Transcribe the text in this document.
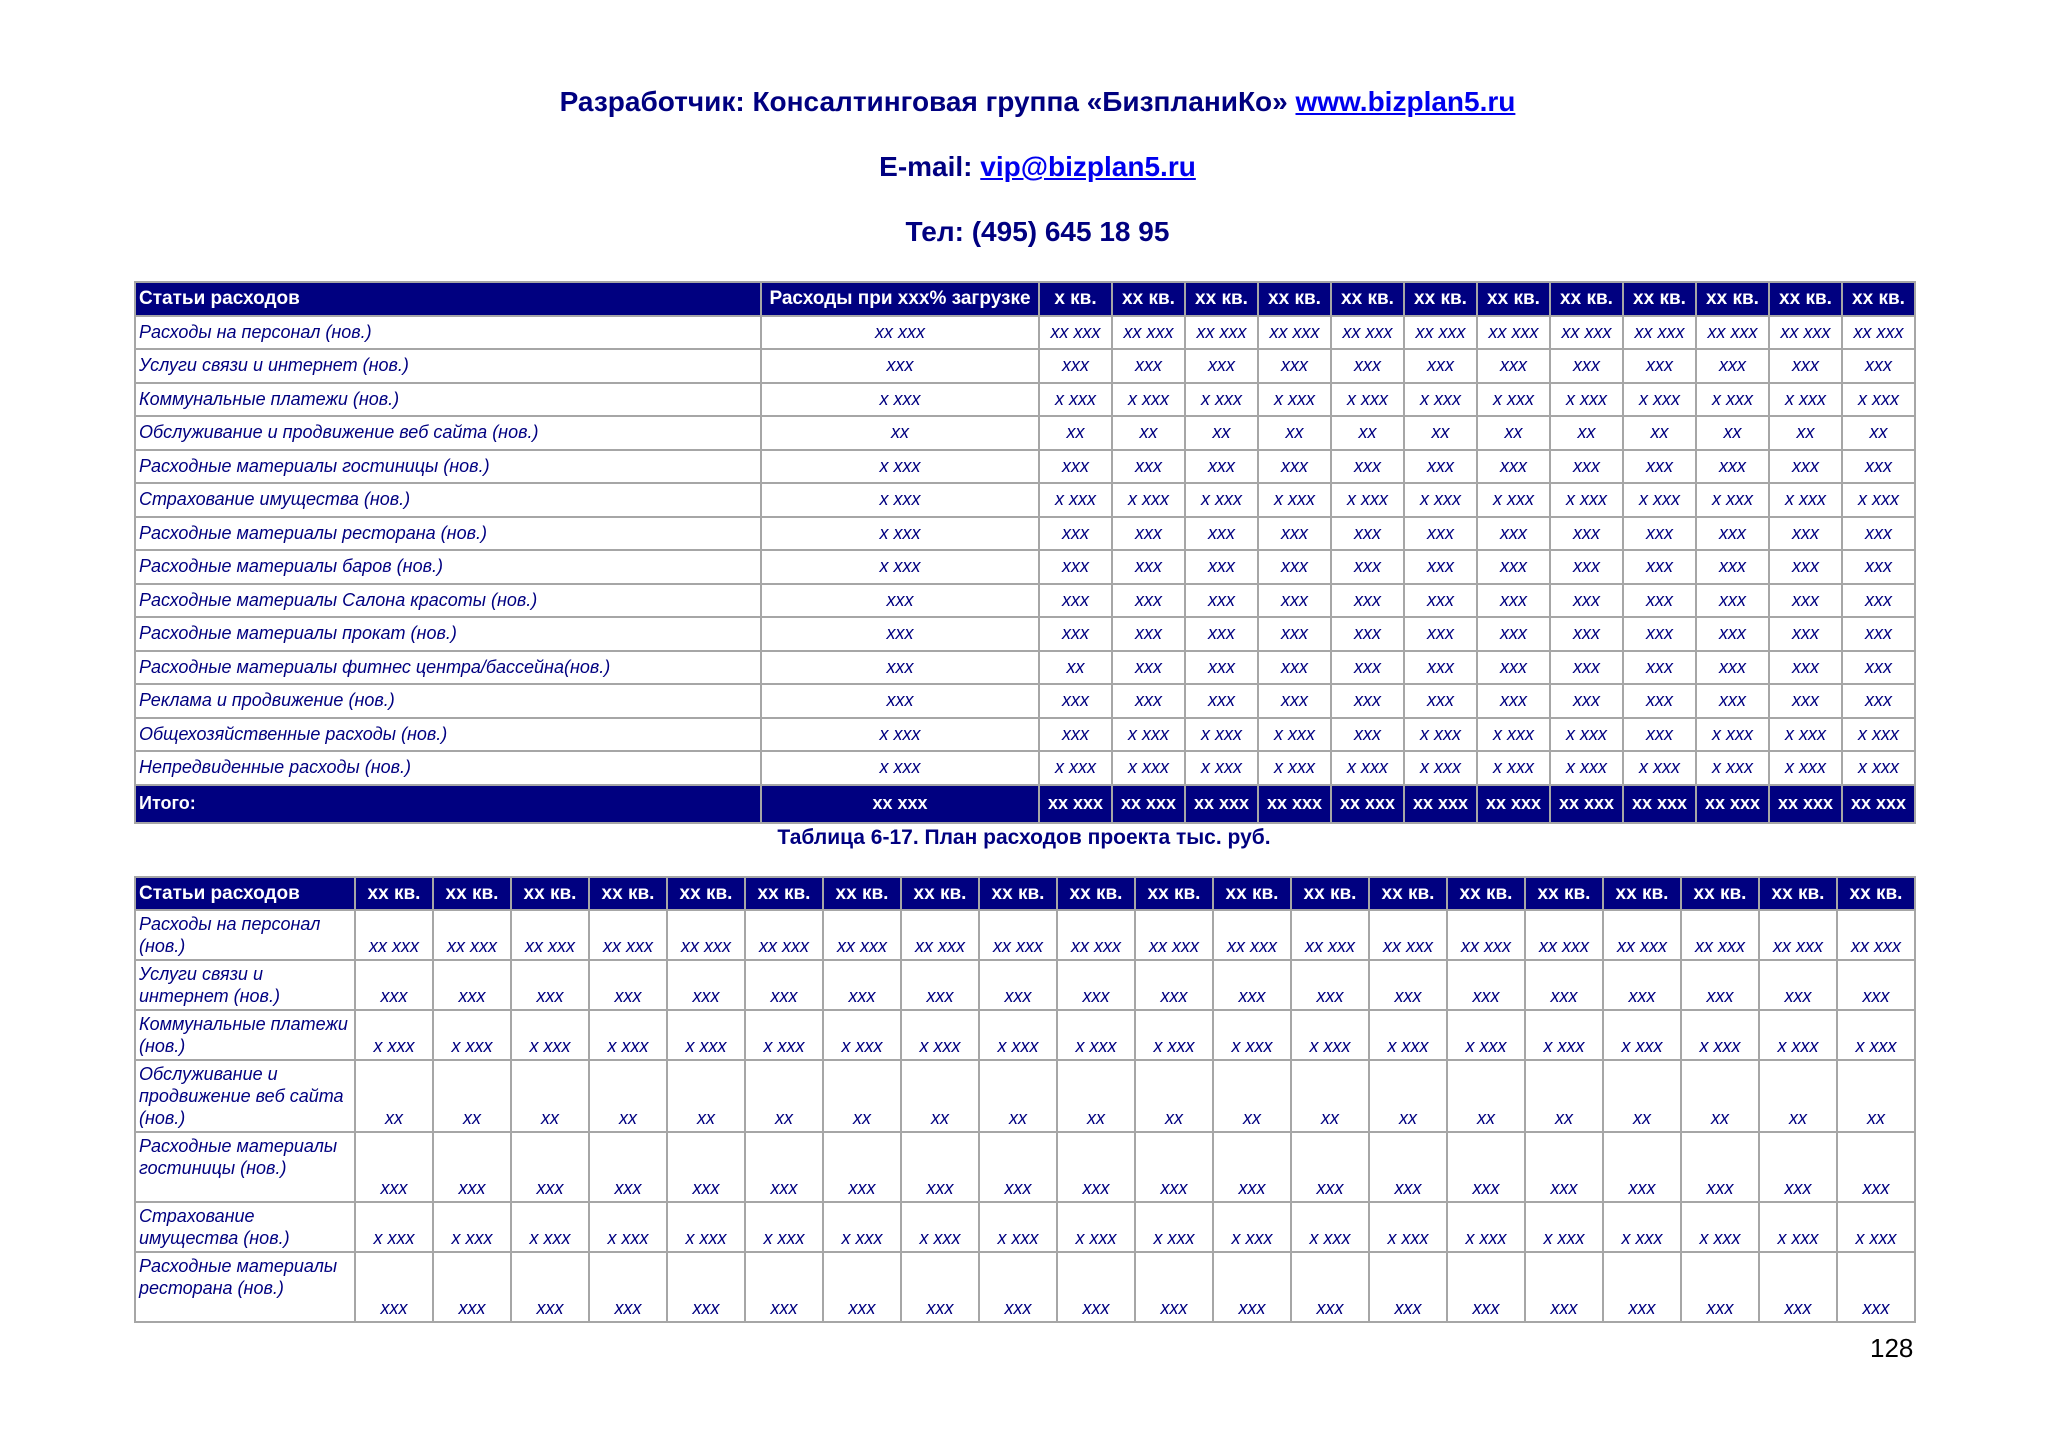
Разработчик: Консалтинговая группа «БизпланиКо» www.bizplan5.ru
E-mail: vip@bizplan5.ru
Тел: (495) 645 18 95
Статьи расходов	Расходы при ххх% загрузке	х кв.	хх кв.	хх кв.	хх кв.	хх кв.	хх кв.	хх кв.	хх кв.	хх кв.	хх кв.	хх кв.	хх кв.
Расходы на персонал (нов.)	хх ххх	хх ххх	хх ххх	хх ххх	хх ххх	хх ххх	хх ххх	хх ххх	хх ххх	хх ххх	хх ххх	хх ххх	хх ххх
Услуги связи и интернет (нов.)	ххх	ххх	ххх	ххх	ххх	ххх	ххх	ххх	ххх	ххх	ххх	ххх	ххх
Коммунальные платежи (нов.)	х ххх	х ххх	х ххх	х ххх	х ххх	х ххх	х ххх	х ххх	х ххх	х ххх	х ххх	х ххх	х ххх
Обслуживание и продвижение веб сайта (нов.)	хх	хх	хх	хх	хх	хх	хх	хх	хх	хх	хх	хх	хх
Расходные материалы гостиницы (нов.)	х ххх	ххх	ххх	ххх	ххх	ххх	ххх	ххх	ххх	ххх	ххх	ххх	ххх
Страхование имущества (нов.)	х ххх	х ххх	х ххх	х ххх	х ххх	х ххх	х ххх	х ххх	х ххх	х ххх	х ххх	х ххх	х ххх
Расходные материалы ресторана (нов.)	х ххх	ххх	ххх	ххх	ххх	ххх	ххх	ххх	ххх	ххх	ххх	ххх	ххх
Расходные материалы баров (нов.)	х ххх	ххх	ххх	ххх	ххх	ххх	ххх	ххх	ххх	ххх	ххх	ххх	ххх
Расходные материалы Салона красоты (нов.)	ххх	ххх	ххх	ххх	ххх	ххх	ххх	ххх	ххх	ххх	ххх	ххх	ххх
Расходные материалы прокат (нов.)	ххх	ххх	ххх	ххх	ххх	ххх	ххх	ххх	ххх	ххх	ххх	ххх	ххх
Расходные материалы фитнес центра/бассейна(нов.)	ххх	хх	ххх	ххх	ххх	ххх	ххх	ххх	ххх	ххх	ххх	ххх	ххх
Реклама и продвижение (нов.)	ххх	ххх	ххх	ххх	ххх	ххх	ххх	ххх	ххх	ххх	ххх	ххх	ххх
Общехозяйственные расходы (нов.)	х ххх	ххх	х ххх	х ххх	х ххх	ххх	х ххх	х ххх	х ххх	ххх	х ххх	х ххх	х ххх
Непредвиденные расходы (нов.)	х ххх	х ххх	х ххх	х ххх	х ххх	х ххх	х ххх	х ххх	х ххх	х ххх	х ххх	х ххх	х ххх
Итого:	хх ххх	хх ххх	хх ххх	хх ххх	хх ххх	хх ххх	хх ххх	хх ххх	хх ххх	хх ххх	хх ххх	хх ххх	хх ххх
Таблица 6-17. План расходов проекта тыс. руб.
Статьи расходов	хх кв.	хх кв.	хх кв.	хх кв.	хх кв.	хх кв.	хх кв.	хх кв.	хх кв.	хх кв.	хх кв.	хх кв.	хх кв.	хх кв.	хх кв.	хх кв.	хх кв.	хх кв.	хх кв.	хх кв.
Расходы на персонал (нов.)	хх ххх	хх ххх	хх ххх	хх ххх	хх ххх	хх ххх	хх ххх	хх ххх	хх ххх	хх ххх	хх ххх	хх ххх	хх ххх	хх ххх	хх ххх	хх ххх	хх ххх	хх ххх	хх ххх	хх ххх
Услуги связи и интернет (нов.)	ххх	ххх	ххх	ххх	ххх	ххх	ххх	ххх	ххх	ххх	ххх	ххх	ххх	ххх	ххх	ххх	ххх	ххх	ххх	ххх
Коммунальные платежи (нов.)	х ххх	х ххх	х ххх	х ххх	х ххх	х ххх	х ххх	х ххх	х ххх	х ххх	х ххх	х ххх	х ххх	х ххх	х ххх	х ххх	х ххх	х ххх	х ххх	х ххх
Обслуживание и продвижение веб сайта (нов.)	хх	хх	хх	хх	хх	хх	хх	хх	хх	хх	хх	хх	хх	хх	хх	хх	хх	хх	хх	хх
Расходные материалы гостиницы (нов.)	ххх	ххх	ххх	ххх	ххх	ххх	ххх	ххх	ххх	ххх	ххх	ххх	ххх	ххх	ххх	ххх	ххх	ххх	ххх	ххх
Страхование имущества (нов.)	х ххх	х ххх	х ххх	х ххх	х ххх	х ххх	х ххх	х ххх	х ххх	х ххх	х ххх	х ххх	х ххх	х ххх	х ххх	х ххх	х ххх	х ххх	х ххх	х ххх
Расходные материалы ресторана (нов.)	ххх	ххх	ххх	ххх	ххх	ххх	ххх	ххх	ххх	ххх	ххх	ххх	ххх	ххх	ххх	ххх	ххх	ххх	ххх	ххх
128
